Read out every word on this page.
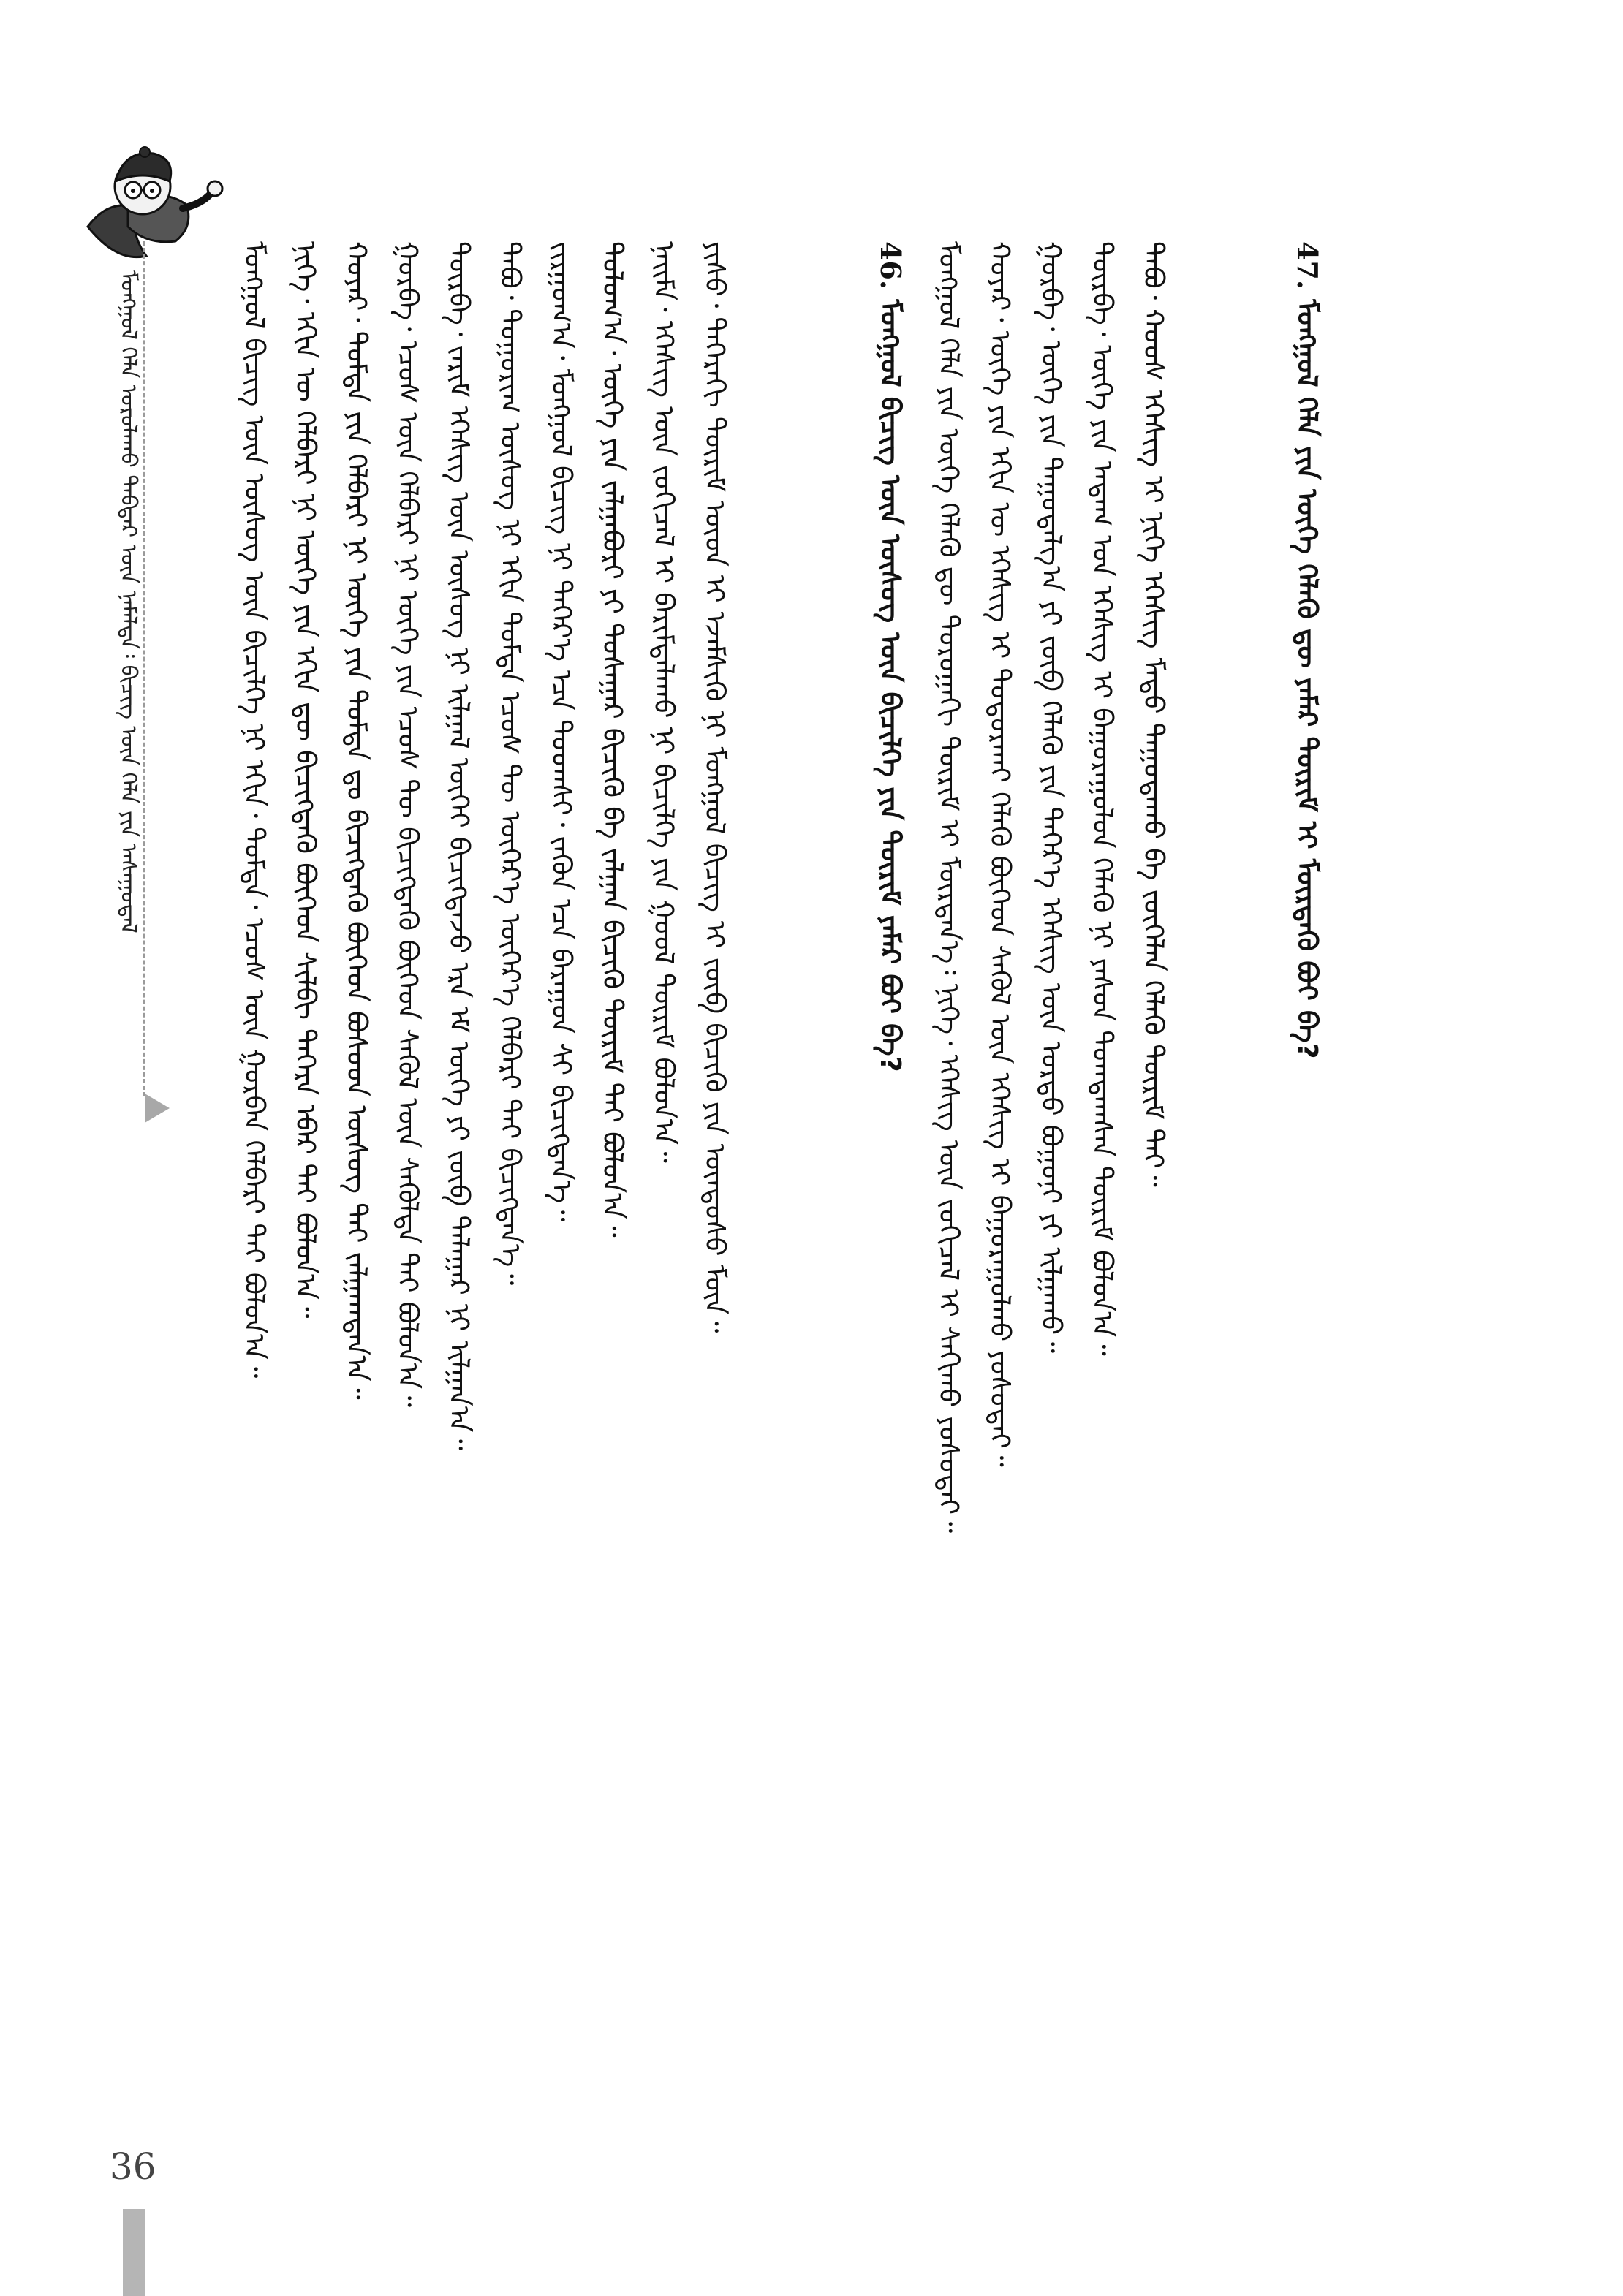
ᠮᠣᠩᠭᠣᠯ ᠬᠡᠯᠡ ᠤᠷᠤᠯᠠᠬᠤ ᠳᠡᠪᠲᠡᠷ ᠦᠨ ᠨᠡᠮᠡᠯᠲᠡ᠄ ᠪᠢᠴᠢᠭ ᠦᠨ ᠬᠡᠯᠡ ᠶᠢᠨ ᠠᠰᠠᠭᠤᠳᠠᠯ	ᠮᠣᠩᠭᠣᠯ ᠪᠢᠴᠢᠭ ᠦᠨ ᠦᠰᠦᠭ ᠦᠨ ᠪᠢᠴᠢᠯᠭᠡ ᠨᠢ ᠡᠬᠢᠨ᠂ ᠳᠤᠮᠳᠠ᠂ ᠡᠴᠦᠰ ᠦᠨ ᠭᠤᠷᠪᠠᠨ ᠬᠡᠯᠪᠡᠷᠢ ᠲᠠᠢ ᠪᠣᠯᠣᠨ᠎ᠠ᠃ ᠨᠢᠭᠡ᠂ ᠡᠬᠢᠨ ᠦ ᠬᠡᠯᠪᠡᠷᠢ ᠨᠢ ᠦᠭᠡ ᠶᠢᠨ ᠡᠬᠢᠨ ᠳᠦ ᠪᠢᠴᠢᠭᠳᠡᠬᠦ ᠪᠥᠭᠡᠳ ᠰᠢᠯᠪᠢ ᠳᠡᠭᠡᠷᠡ ᠡᠪᠡᠷ ᠲᠡᠢ ᠪᠣᠯᠣᠨ᠎ᠠ᠃ ᠬᠣᠶᠠᠷ᠂ ᠳᠤᠮᠳᠠ ᠶᠢᠨ ᠬᠡᠯᠪᠡᠷᠢ ᠨᠢ ᠦᠭᠡ ᠶᠢᠨ ᠳᠤᠮᠳᠠ ᠳᠤ ᠪᠢᠴᠢᠭᠳᠡᠬᠦ ᠪᠥᠭᠡᠳ ᠪᠤᠰᠤᠳ ᠦᠰᠦᠭ ᠲᠡᠢ ᠵᠠᠯᠭᠠᠭᠳᠠᠨ᠎ᠠ᠃ ᠭᠤᠷᠪᠠ᠂ ᠡᠴᠦᠰ ᠦᠨ ᠬᠡᠯᠪᠡᠷᠢ ᠨᠢ ᠦᠭᠡ ᠶᠢᠨ ᠡᠴᠦᠰ ᠲᠦ ᠪᠢᠴᠢᠭᠳᠡᠬᠦ ᠪᠥᠭᠡᠳ ᠰᠡᠭᠦᠯ ᠦᠨ ᠰᠡᠭᠦᠯᠲᠡ ᠲᠡᠢ ᠪᠣᠯᠣᠨ᠎ᠠ᠃ ᠳᠥᠷᠪᠡ᠂ ᠵᠠᠷᠢᠮ ᠡᠭᠡᠰᠢᠭ ᠦᠨ ᠦᠰᠦᠭ ᠨᠢ ᠢᠯᠭᠠᠯ ᠦᠭᠡᠢ ᠪᠢᠴᠢᠭᠳᠡᠵᠦ ᠡᠷᠡ ᠡᠮ ᠦᠭᠡ ᠶᠢ ᠵᠥᠪ ᠲᠠᠯᠠᠭᠠᠷ ᠨᠢ ᠢᠯᠭᠠᠨ᠎ᠠ᠃ ᠲᠠᠪᠤ᠂ ᠲᠣᠭᠣᠷᠢᠭ ᠦᠰᠦᠭ ᠨᠢ ᠡᠬᠢᠨ ᠳᠤᠮᠳᠠ ᠡᠴᠦᠰ ᠲᠦ ᠥᠭᠡᠷ᠎ᠡ ᠥᠭᠡᠷ᠎ᠡ ᠬᠡᠯᠪᠡᠷᠢ ᠲᠠᠢ ᠪᠢᠴᠢᠭᠳᠡᠨ᠎ᠡ᠃ ᠵᠢᠷᠭᠤᠭ᠎ᠠ᠂ ᠮᠣᠩᠭᠣᠯ ᠪᠢᠴᠢᠭ ᠨᠢ ᠳᠡᠭᠡᠷ᠎ᠡ ᠡᠴᠡ ᠳᠣᠣᠭᠰᠢ᠂ ᠵᠡᠭᠦᠨ ᠡᠴᠡ ᠪᠠᠷᠠᠭᠤᠨ ᠰᠢ ᠪᠢᠴᠢᠭᠳᠡᠨ᠎ᠡ᠃ ᠳᠣᠯᠣᠭ᠎ᠠ᠂ ᠦᠭᠡ ᠶᠢᠨ ᠵᠠᠯᠭᠠᠪᠤᠷᠢ ᠶᠢ ᠲᠤᠰᠠᠭᠠᠷ ᠪᠢᠴᠢᠬᠦ ᠪᠠ ᠵᠠᠯᠭᠠᠨ ᠪᠢᠴᠢᠬᠦ ᠳᠦᠷᠢᠮ ᠲᠠᠢ ᠪᠣᠯᠣᠨ᠎ᠠ᠃ ᠨᠠᠢᠮᠠ᠂ ᠡᠭᠡᠰᠢᠭ ᠦᠨ ᠵᠣᠬᠢᠴᠠᠯ ᠢ ᠪᠠᠷᠢᠮᠲᠠᠯᠠᠬᠤ ᠨᠢ ᠪᠢᠴᠢᠯᠭᠡ ᠶᠢᠨ ᠭᠣᠣᠯ ᠳᠦᠷᠢᠮ ᠪᠣᠯᠣᠨ᠎ᠠ᠃ ᠶᠢᠰᠦ᠂ ᠳᠡᠭᠡᠷᠡᠬᠢ ᠳᠦᠷᠢᠮ ᠦᠳ ᠢ ᠡᠵᠡᠮᠰᠢᠬᠦ ᠨᠢ ᠮᠣᠩᠭᠣᠯ ᠪᠢᠴᠢᠭ ᠢ ᠵᠥᠪ ᠪᠢᠴᠢᠬᠦ ᠶᠢᠨ ᠦᠨᠳᠦᠰᠦ ᠮᠥᠨ᠃	46. ᠮᠣᠩᠭᠣᠯ ᠪᠢᠴᠢᠭ ᠦᠨ ᠦᠰᠦᠭ ᠦᠨ ᠪᠢᠴᠢᠯᠭᠡ ᠶᠢᠨ ᠳᠦᠷᠢᠮ ᠶᠠᠮᠠᠷ ᠪᠤᠢ ᠪᠡ? ᠮᠣᠩᠭᠣᠯ ᠬᠡᠯᠡ ᠶᠢᠨ ᠦᠭᠡ ᠬᠡᠯᠡᠬᠦ ᠳᠦ ᠳᠣᠷᠣᠭᠠᠬᠢ ᠳᠦᠷᠢᠮ ᠢ ᠮᠦᠷᠳᠡᠨ᠎ᠡ᠄ ᠨᠢᠭᠡ᠂ ᠡᠭᠡᠰᠢᠭ ᠦᠨ ᠵᠣᠬᠢᠴᠠᠯ ᠢ ᠰᠠᠬᠢᠬᠤ ᠶᠣᠰᠣᠲᠠᠢ᠃ ᠬᠣᠶᠠᠷ᠂ ᠦᠭᠡ ᠶᠢᠨ ᠡᠬᠢᠨ ᠦ ᠡᠭᠡᠰᠢᠭ ᠢ ᠲᠣᠳᠣᠷᠬᠠᠢ ᠬᠡᠯᠡᠬᠦ ᠪᠥᠭᠡᠳ ᠰᠡᠭᠦᠯ ᠦᠨ ᠡᠭᠡᠰᠢᠭ ᠢ ᠪᠠᠭᠤᠷᠠᠭᠤᠯᠬᠤ ᠶᠣᠰᠣᠲᠠᠢ᠃ ᠭᠤᠷᠪᠠ᠂ ᠦᠭᠡ ᠶᠢᠨ ᠳᠠᠭᠤᠳᠠᠯᠭ᠎ᠠ ᠶᠢ ᠵᠥᠪ ᠬᠡᠯᠡᠬᠦ ᠶᠢᠨ ᠲᠡᠭᠡᠷ᠎ᠡ ᠡᠭᠡᠰᠢᠭ ᠦᠨ ᠤᠷᠳᠤ ᠪᠤᠭᠤᠨᠢ ᠶᠢ ᠢᠯᠭᠠᠬᠤ᠃ ᠳᠥᠷᠪᠡ᠂ ᠦᠭᠡ ᠶᠢᠨ ᠠᠳᠠᠭ ᠤᠨ ᠡᠭᠡᠰᠢᠭ ᠢ ᠪᠠᠭᠤᠷᠠᠭᠤᠯᠤᠨ ᠬᠡᠯᠡᠬᠦ ᠨᠢ ᠶᠠᠰᠤᠨ ᠲᠣᠭᠲᠠᠭᠰᠠᠨ ᠳᠦᠷᠢᠮ ᠪᠣᠯᠣᠨ᠎ᠠ᠃ ᠲᠠᠪᠤ᠂ ᠬᠣᠣᠰ ᠡᠭᠡᠰᠢᠭ ᠢ ᠨᠢᠭᠡ ᠡᠭᠡᠰᠢᠭ ᠮᠡᠲᠦ ᠳᠠᠭᠤᠳᠠᠬᠤ ᠪᠠ ᠵᠥᠭᠡᠯᠡᠨ ᠬᠡᠯᠡᠬᠦ ᠳᠦᠷᠢᠮ ᠲᠠᠢ᠃	47. ᠮᠣᠩᠭᠣᠯ ᠬᠡᠯᠡ ᠶᠢᠨ ᠦᠭᠡ ᠬᠡᠯᠡᠬᠦ ᠳᠦ ᠶᠠᠮᠠᠷ ᠳᠦᠷᠢᠮ ᠢ ᠮᠦᠷᠳᠡᠬᠦ ᠪᠤᠢ ᠪᠡ?
36
